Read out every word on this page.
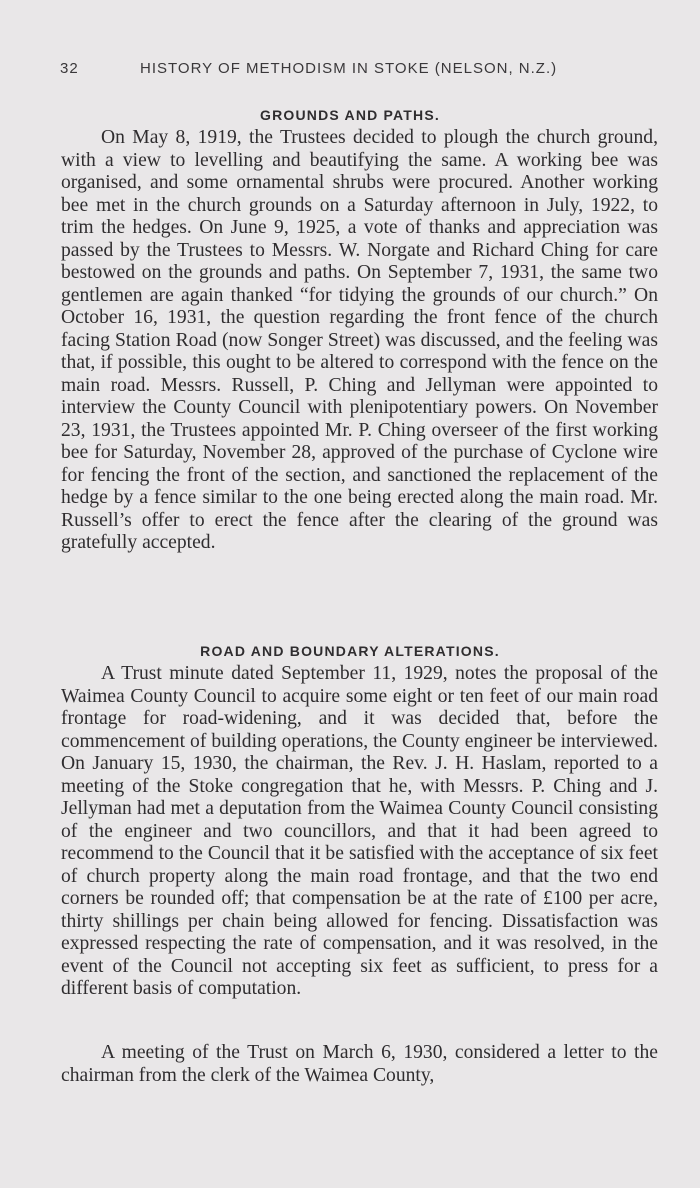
32	HISTORY OF METHODISM IN STOKE (NELSON, N.Z.)
GROUNDS AND PATHS.

On May 8, 1919, the Trustees decided to plough the church ground, with a view to levelling and beautifying the same. A working bee was organised, and some ornamental shrubs were procured. Another working bee met in the church grounds on a Saturday afternoon in July, 1922, to trim the hedges. On June 9, 1925, a vote of thanks and appreciation was passed by the Trustees to Messrs. W. Norgate and Richard Ching for care bestowed on the grounds and paths. On September 7, 1931, the same two gentlemen are again thanked “for tidying the grounds of our church.” On October 16, 1931, the question regarding the front fence of the church facing Station Road (now Songer Street) was discussed, and the feeling was that, if possible, this ought to be altered to correspond with the fence on the main road. Messrs. Russell, P. Ching and Jellyman were appointed to interview the County Council with plenipotentiary powers. On November 23, 1931, the Trustees appointed Mr. P. Ching overseer of the first working bee for Saturday, November 28, approved of the purchase of Cyclone wire for fencing the front of the section, and sanctioned the replacement of the hedge by a fence similar to the one being erected along the main road. Mr. Russell’s offer to erect the fence after the clearing of the ground was gratefully accepted.

ROAD AND BOUNDARY ALTERATIONS.

A Trust minute dated September 11, 1929, notes the proposal of the Waimea County Council to acquire some eight or ten feet of our main road frontage for road-widening, and it was decided that, before the commencement of building operations, the County engineer be interviewed. On January 15, 1930, the chairman, the Rev. J. H. Haslam, reported to a meeting of the Stoke congregation that he, with Messrs. P. Ching and J. Jellyman had met a deputation from the Waimea County Council consisting of the engineer and two councillors, and that it had been agreed to recommend to the Council that it be satisfied with the acceptance of six feet of church property along the main road frontage, and that the two end corners be rounded off; that compensation be at the rate of £100 per acre, thirty shillings per chain being allowed for fencing. Dissatisfaction was expressed respecting the rate of compensation, and it was resolved, in the event of the Council not accepting six feet as sufficient, to press for a different basis of computation.

A meeting of the Trust on March 6, 1930, considered a letter to the chairman from the clerk of the Waimea County,
